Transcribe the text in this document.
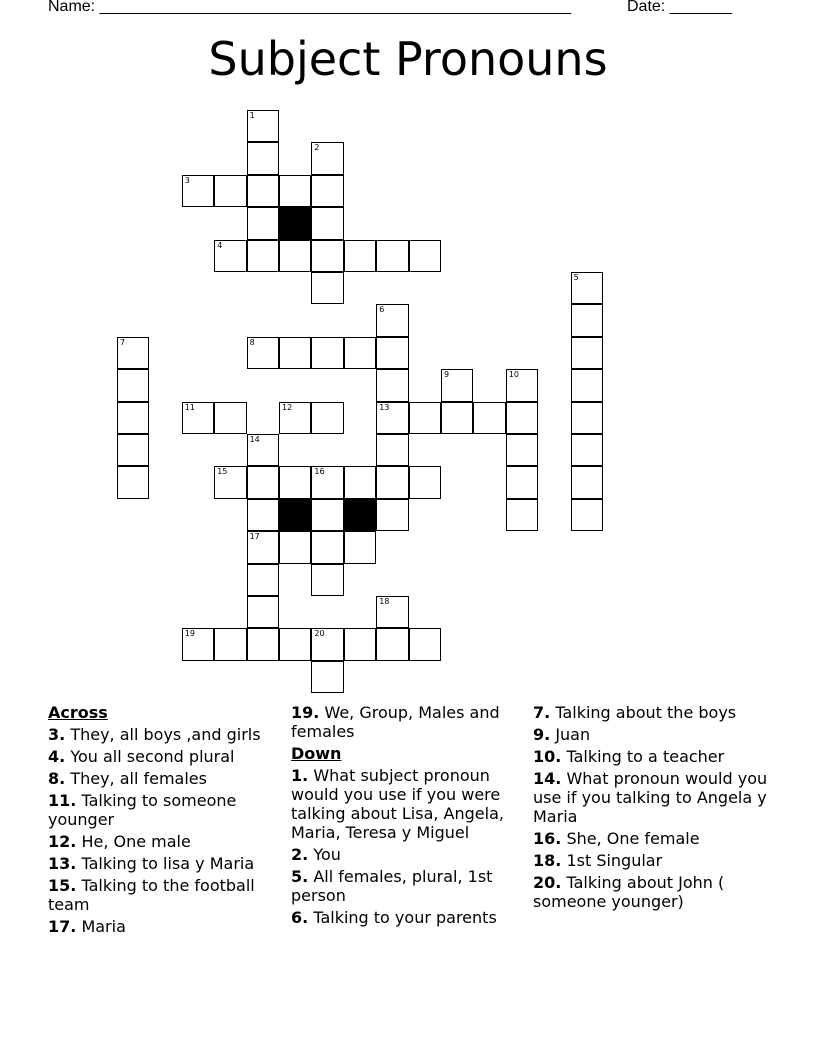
Name: _____________________________________________________	Date: _______
Subject Pronouns
1
2
3
4
5
6
7	8
9	10
11	12	13
14
15	16
17
18
19	20
Across
3. They, all boys ,and girls
4. You all second plural
8. They, all females
11. Talking to someone younger
12. He, One male
13. Talking to lisa y Maria
15. Talking to the football team
17. Maria
19. We, Group, Males and females
Down
1. What subject pronoun would you use if you were talking about Lisa, Angela, Maria, Teresa y Miguel
2. You
5. All females, plural, 1st person
6. Talking to your parents
7. Talking about the boys
9. Juan
10. Talking to a teacher
14. What pronoun would you use if you talking to Angela y Maria
16. She, One female
18. 1st Singular
20. Talking about John ( someone younger)
